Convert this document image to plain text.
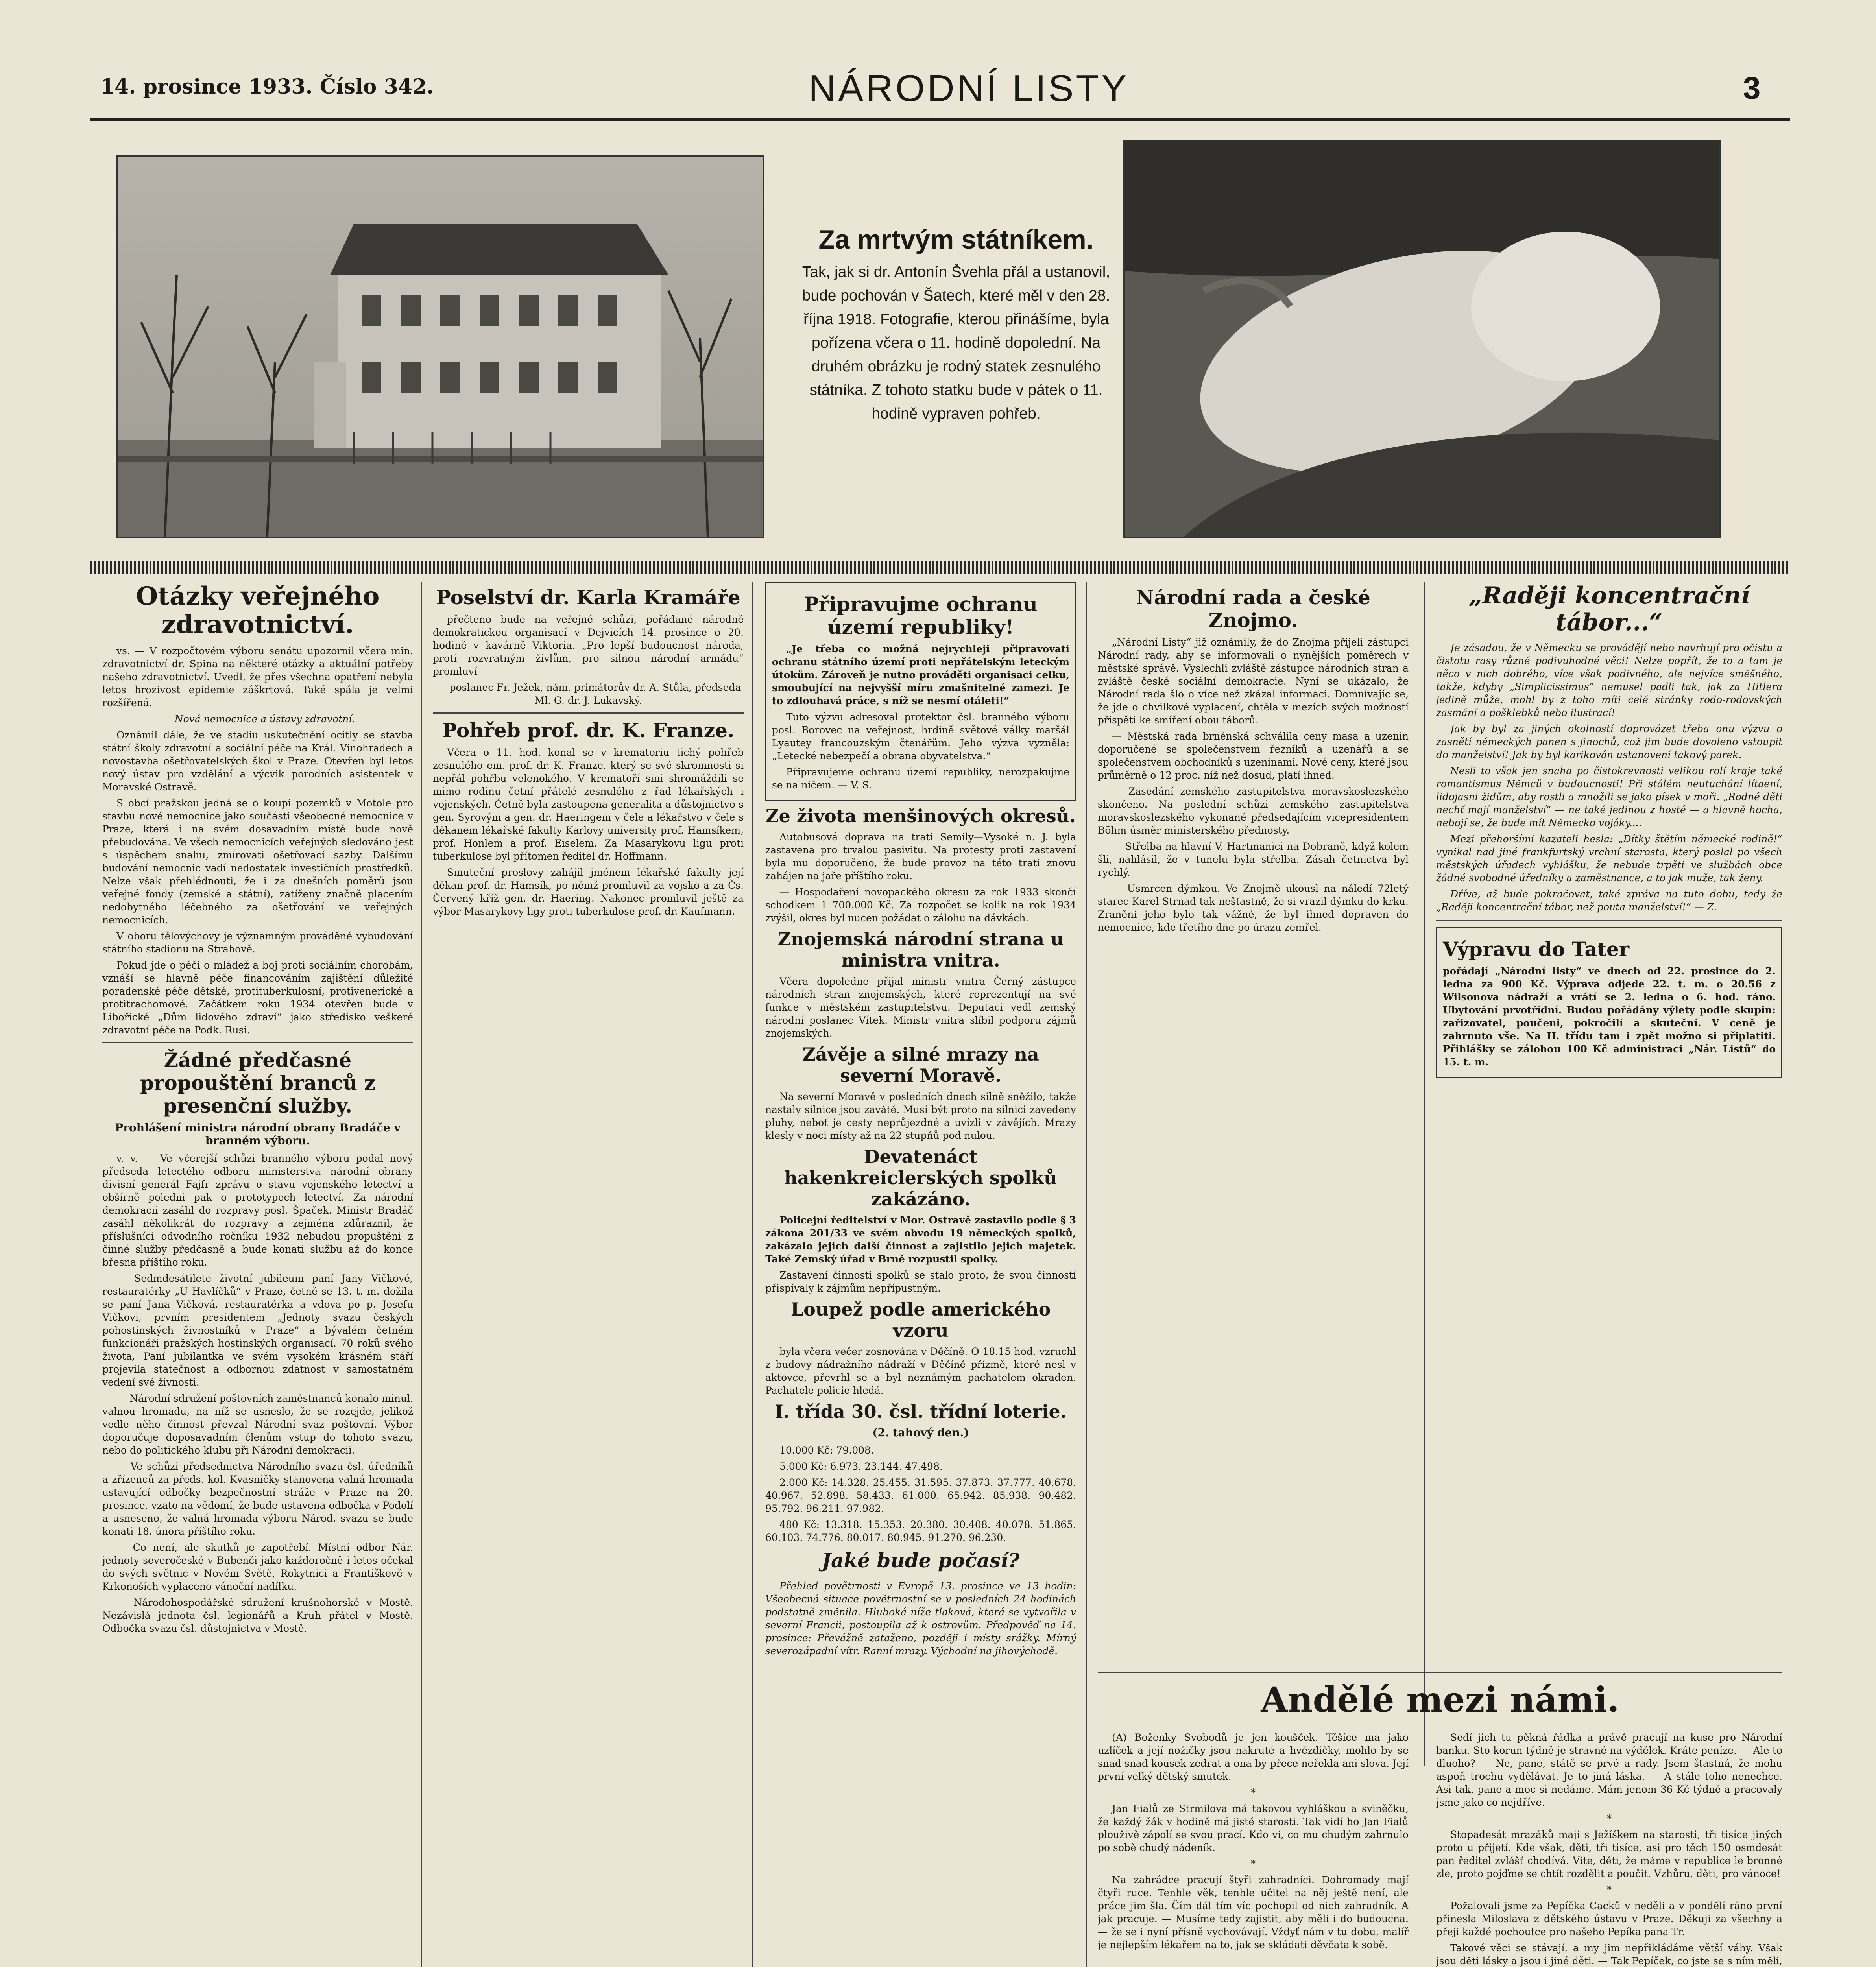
14. prosince 1933. Číslo 342.	NÁRODNÍ LISTY	3
Za mrtvým státníkem.

Tak, jak si dr. Antonín Švehla přál a ustanovil, bude pochován v Šatech, které měl v den 28. října 1918. Fotografie, kterou přinášíme, byla pořízena včera o 11. hodině dopolední. Na druhém obrázku je rodný statek zesnulého státníka. Z tohoto statku bude v pátek o 11. hodině vypraven pohřeb.

Otázky veřejného zdravotnictví.

vs. — V rozpočtovém výboru senátu upozornil včera min. zdravotnictví dr. Spina na některé otázky a aktuální potřeby našeho zdravotnictví. Uvedl, že přes všechna opatření nebyla letos hrozivost epidemie záškrtová. Také spála je velmi rozšířená.

Nová nemocnice a ústavy zdravotní.

Oznámil dále, že ve stadiu uskutečnění ocitly se stavba státní školy zdravotní a sociální péče na Král. Vinohradech a novostavba ošetřovatelských škol v Praze. Otevřen byl letos nový ústav pro vzdělání a výcvik porodních asistentek v Moravské Ostravě.

S obcí pražskou jedná se o koupi pozemků v Motole pro stavbu nové nemocnice jako součásti všeobecné nemocnice v Praze, která i na svém dosavadním místě bude nově přebudována. Ve všech nemocnicích veřejných sledováno jest s úspěchem snahu, zmírovati ošetřovací sazby. Dalšímu budování nemocnic vadí nedostatek investičních prostředků. Nelze však přehlédnouti, že i za dnešních poměrů jsou veřejné fondy (zemské a státní), zatíženy značně placením nedobytného léčebného za ošetřování ve veřejných nemocnicích.

V oboru tělovýchovy je významným prováděné vybudování státního stadionu na Strahově.

Pokud jde o péči o mládež a boj proti sociálním chorobám, vznáší se hlavně péče financováním zajištění důležité poradenské péče dětské, protituberkulosní, protivenerické a protitrachomové. Začátkem roku 1934 otevřen bude v Libořické „Dům lidového zdraví“ jako středisko veškeré zdravotní péče na Podk. Rusi.

Žádné předčasné propouštění branců z presenční služby.
Prohlášení ministra národní obrany Bradáče v branném výboru.

v. v. — Ve včerejší schůzi branného výboru podal nový předseda letectého odboru ministerstva národní obrany divisní generál Fajfr zprávu o stavu vojenského letectví a obšírně poledni pak o prototypech letectví. Za národní demokracii zasáhl do rozpravy posl. Špaček. Ministr Bradáč zasáhl několikrát do rozpravy a zejména zdůraznil, že příslušníci odvodního ročníku 1932 nebudou propuštěni z činné služby předčasně a bude konati službu až do konce břesna příštího roku.

— Sedmdesátilete životní jubileum paní Jany Vičkové, restauratérky „U Havlíčků“ v Praze, četně se 13. t. m. dožila se paní Jana Vičková, restauratérka a vdova po p. Josefu Vičkovi, prvním presidentem „Jednoty svazu českých pohostinských živnostníků v Praze“ a bývalém četném funkcionáři pražských hostinských organisací. 70 roků svého života, Paní jubilantka ve svém vysokém krásném stáří projevila statečnost a odbornou zdatnost v samostatném vedení své živnosti.

— Národní sdružení poštovních zaměstnanců konalo minul. valnou hromadu, na níž se usneslo, že se rozejde, jelikož vedle něho činnost převzal Národní svaz poštovní. Výbor doporučuje doposavadním členům vstup do tohoto svazu, nebo do politického klubu při Národní demokracii.

— Ve schůzi předsednictva Národního svazu čsl. úředníků a zřízenců za předs. kol. Kvasničky stanovena valná hromada ustavující odbočky bezpečnostní stráže v Praze na 20. prosince, vzato na vědomí, že bude ustavena odbočka v Podolí a usneseno, že valná hromada výboru Národ. svazu se bude konati 18. února příštího roku.

— Co není, ale skutků je zapotřebí. Místní odbor Nár. jednoty severočeské v Bubenči jako každoročně i letos očekal do svých světnic v Novém Světě, Rokytnici a Františkově v Krkonoších vyplaceno vánoční nadílku.

— Národohospodářské sdružení krušnohorské v Mostě. Nezávislá jednota čsl. legionářů a Kruh přátel v Mostě. Odbočka svazu čsl. důstojnictva v Mostě.

Poselství dr. Karla Kramáře

přečteno bude na veřejné schůzi, pořádané národně demokratickou organisací v Dejvicích 14. prosince o 20. hodině v kavárně Viktoria. „Pro lepší budoucnost národa, proti rozvratným živlům, pro silnou národní armádu“ promluví

poslanec Fr. Ježek, nám. primátorův dr. A. Stůla, předseda Ml. G. dr. J. Lukavský.

Pohřeb prof. dr. K. Franze.

Včera o 11. hod. konal se v krematoriu tichý pohřeb zesnulého em. prof. dr. K. Franze, který se své skromnosti si nepřál pohřbu velenokého. V krematoří sini shromáždili se mimo rodinu četní přátelé zesnulého z řad lékařských i vojenských. Četně byla zastoupena generalita a důstojnictvo s gen. Syrovým a gen. dr. Haeringem v čele a lékařstvo v čele s děkanem lékařské fakulty Karlovy university prof. Hamsíkem, prof. Honlem a prof. Eiselem. Za Masarykovu ligu proti tuberkulose byl přítomen ředitel dr. Hoffmann.

Smuteční proslovy zahájil jménem lékařské fakulty její děkan prof. dr. Hamsík, po němž promluvil za vojsko a za Čs. Červený kříž gen. dr. Haering. Nakonec promluvil ještě za výbor Masarykovy ligy proti tuberkulose prof. dr. Kaufmann.

Připravujme ochranu území republiky!

„Je třeba co možná nejrychleji připravovati ochranu státního území proti nepřátelským leteckým útokům. Zároveň je nutno prováděti organisaci celku, smoubující na nejvyšší míru zmašnitelné zamezi. Je to zdlouhavá práce, s níž se nesmí otáleti!“

Tuto výzvu adresoval protektor čsl. branného výboru posl. Borovec na veřejnost, hrdině světové války maršál Lyautey francouzským čtenářům. Jeho výzva vyzněla: „Letecké nebezpečí a obrana obyvatelstva.“

Připravujeme ochranu území republiky, nerozpakujme se na ničem. — V. S.

Ze života menšinových okresů.

Autobusová doprava na trati Semily—Vysoké n. J. byla zastavena pro trvalou pasivitu. Na protesty proti zastavení byla mu doporučeno, že bude provoz na této trati znovu zahájen na jaře příštího roku.

— Hospodaření novopackého okresu za rok 1933 skončí schodkem 1 700.000 Kč. Za rozpočet se kolik na rok 1934 zvýšil, okres byl nucen požádat o zálohu na dávkách.

Znojemská národní strana u ministra vnitra.

Včera dopoledne přijal ministr vnitra Černý zástupce národních stran znojemských, které reprezentují na své funkce v městském zastupitelstvu. Deputaci vedl zemský národní poslanec Vítek. Ministr vnitra slíbil podporu zájmů znojemských.

Závěje a silné mrazy na severní Moravě.

Na severní Moravě v posledních dnech silně sněžilo, takže nastaly silnice jsou zaváté. Musí být proto na silnici zavedeny pluhy, neboť je cesty neprůjezdné a uvízli v závějích. Mrazy klesly v noci místy až na 22 stupňů pod nulou.

Devatenáct hakenkreiclerských spolků zakázáno.

Policejní ředitelství v Mor. Ostravě zastavilo podle § 3 zákona 201/33 ve svém obvodu 19 německých spolků, zakázalo jejich další činnost a zajistilo jejich majetek. Také Zemský úřad v Brně rozpustil spolky.

Zastavení činnosti spolků se stalo proto, že svou činností přispívaly k zájmům nepřípustným.

Loupež podle amerického vzoru

byla včera večer zosnována v Děčíně. O 18.15 hod. vzruchl z budovy nádražního nádraží v Děčíně přízmě, které nesl v aktovce, převrhl se a byl neznámým pachatelem okraden. Pachatele policie hledá.

I. třída 30. čsl. třídní loterie.
(2. tahový den.)

10.000 Kč: 79.008.

5.000 Kč: 6.973. 23.144. 47.498.

2.000 Kč: 14.328. 25.455. 31.595. 37.873. 37.777. 40.678. 40.967. 52.898. 58.433. 61.000. 65.942. 85.938. 90.482. 95.792. 96.211. 97.982.

480 Kč: 13.318. 15.353. 20.380. 30.408. 40.078. 51.865. 60.103. 74.776. 80.017. 80.945. 91.270. 96.230.

Jaké bude počasí?

Přehled povětrnosti v Evropě 13. prosince ve 13 hodin: Všeobecná situace povětrnostní se v posledních 24 hodinách podstatně změnila. Hluboká níže tlaková, která se vytvořila v severní Francii, postoupila až k ostrovům. Předpověď na 14. prosince: Převážně zataženo, později i místy srážky. Mírný severozápadní vítr. Ranní mrazy. Východní na jihovýchodě.

Národní rada a české Znojmo.

„Národní Listy“ již oznámily, že do Znojma přijeli zástupci Národní rady, aby se informovali o nynějších poměrech v městské správě. Vyslechli zvláště zástupce národních stran a zvláště české sociální demokracie. Nyní se ukázalo, že Národní rada šlo o více než zkázal informaci. Domnívajíc se, že jde o chvilkové vyplacení, chtěla v mezích svých možností přispěti ke smíření obou táborů.

— Městská rada brněnská schválila ceny masa a uzenin doporučené se společenstvem řezníků a uzenářů a se společenstvem obchodníků s uzeninami. Nové ceny, které jsou průměrně o 12 proc. níž než dosud, platí ihned.

— Zasedání zemského zastupitelstva moravskoslezského skončeno. Na poslední schůzi zemského zastupitelstva moravskoslezského vykonané předsedajícím vicepresidentem Böhm úsměr ministerského přednosty.

— Střelba na hlavní V. Hartmanici na Dobraně, když kolem šli, nahlásil, že v tunelu byla střelba. Zásah četnictva byl rychlý.

— Usmrcen dýmkou. Ve Znojmě ukousl na náledí 72letý starec Karel Strnad tak nešťastně, že si vrazil dýmku do krku. Zranění jeho bylo tak vážné, že byl ihned dopraven do nemocnice, kde třetího dne po úrazu zemřel.

„Raději koncentrační tábor...“

Je zásadou, že v Německu se provádějí nebo navrhují pro očistu a čistotu rasy různé podivuhodné věci! Nelze popřít, že to a tam je něco v nich dobrého, více však podivného, ale nejvíce směšného, takže, kdyby „Simplicissimus“ nemusel padli tak, jak za Hitlera jedině může, mohl by z toho míti celé stránky rodo-rodovských zasmání a pošklebků nebo ilustrací!

Jak by byl za jiných okolností doprovázet třeba onu výzvu o zasnětí německých panen s jinochů, což jim bude dovoleno vstoupit do manželství! Jak by byl karikován ustanovení takový parek.

Nesli to však jen snaha po čistokrevnosti velikou rolí kraje také romantismus Němců v budoucnosti! Při stálém neutuchání lítaení, lidojasni židům, aby rostli a množili se jako písek v moři. „Rodné děti nechť mají manželství“ — ne také jedinou z hosté — a hlavně hocha, nebojí se, že bude mít Německo vojáky....

Mezi přehoršími kazateli hesla: „Dítky štětím německé rodině!“ vynikal nad jiné frankfurtský vrchní starosta, který poslal po všech městských úřadech vyhlášku, že nebude trpěti ve službách obce žádné svobodné úředníky a zaměstnance, a to jak muže, tak ženy.

Dříve, až bude pokračovat, také zpráva na tuto dobu, tedy že „Raději koncentrační tábor, než pouta manželství!“ — Z.

Výpravu do Tater

pořádají „Národní listy“ ve dnech od 22. prosince do 2. ledna za 900 Kč. Výprava odjede 22. t. m. o 20.56 z Wilsonova nádraží a vrátí se 2. ledna o 6. hod. ráno. Ubytování prvotřídní. Budou pořádány výlety podle skupin: zařizovatel, poučeni, pokročilí a skuteční. V ceně je zahrnuto vše. Na II. třídu tam i zpět možno si připlatiti. Přihlášky se zálohou 100 Kč administraci „Nár. Listů“ do 15. t. m.

Andělé mezi námi.

(A) Boženky Svobodů je jen koušček. Těšíce ma jako uzlíček a její nožičky jsou nakruté a hvězdičky, mohlo by se snad snad kousek zedrat a ona by přece neřekla ani slova. Její první velký dětský smutek.

*

Jan Fialů ze Strmilova má takovou vyhláškou a sviněčku, že každý žák v hodině má jisté starosti. Tak vidí ho Jan Fialů plouživě zápolí se svou prací. Kdo ví, co mu chudým zahrnulo po sobě chudý nádeník.

*

Na zahrádce pracují štyři zahradníci. Dohromady mají čtyři ruce. Tenhle věk, tenhle učitel na něj ještě není, ale práce jim šla. Čím dál tím víc pochopil od nich zahradník. A jak pracuje. — Musíme tedy zajistit, aby měli i do budoucna. — že se i nyní přísně vychovávají. Vždyť nám v tu dobu, malíř je nejlepším lékařem na to, jak se skládati děvčata k sobě.

Sedí jich tu pěkná řádka a právě pracují na kuse pro Národní banku. Sto korun týdně je stravné na výdělek. Kráte peníze. — Ale to dluoho? — Ne, pane, státě se prvé a rady. Jsem šťastná, že mohu aspoň trochu vydělávat. Je to jiná láska. — A stále toho nenechce. Asi tak, pane a moc si nedáme. Mám jenom 36 Kč týdně a pracovaly jsme jako co nejdříve.

*

Stopadesát mrazáků mají s Ježíškem na starosti, tři tisíce jiných proto u přijetí. Kde však, děti, tři tisíce, asi pro těch 150 osmdesát pan ředitel zvlášť chodívá. Víte, děti, že máme v republice le bronnė zle, proto pojďme se chtít rozdělit a poučit. Vzhůru, děti, pro vánoce!

*

Požalovali jsme za Pepíčka Cacků v neděli a v pondělí ráno první přinesla Miloslava z dětského ústavu v Praze. Děkuji za všechny a přeji každé pochoutce pro našeho Pepíka pana Tr.

Takové věci se stávají, a my jim nepřikládáme větší váhy. Však jsou děti lásky a jsou i jiné děti. — Tak Pepíček, co jste se s ním měli,
